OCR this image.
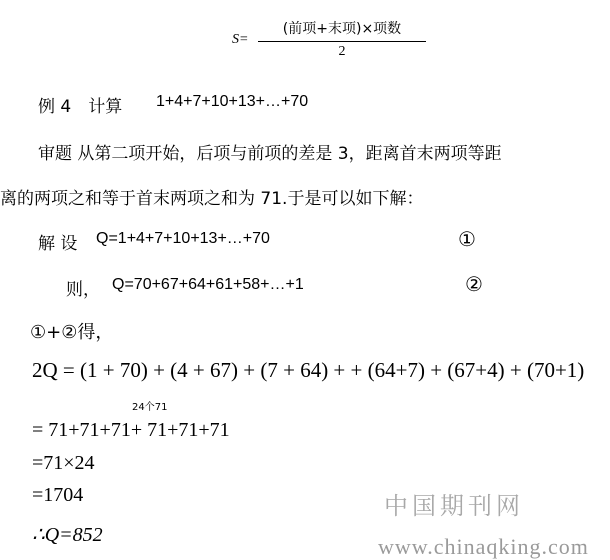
S=
(前项+末项)×项数
2
例 4　计算 1+4+7+10+13+…+70
审题 从第二项开始，后项与前项的差是 3，距离首末两项等距
离的两项之和等于首末两项之和为 71.于是可以如下解：
解 设 Q=1+4+7+10+13+…+70	①
则， Q=70+67+64+61+58+…+1	②
①+②得，
2Q = (1 + 70) + (4 + 67) + (7 + 64) + + (64+7) + (67+4) + (70+1)
24个71
= 71+71+71+ 71+71+71
=71×24
=1704
∴Q=852
中国期刊网
www.chinaqking.com
